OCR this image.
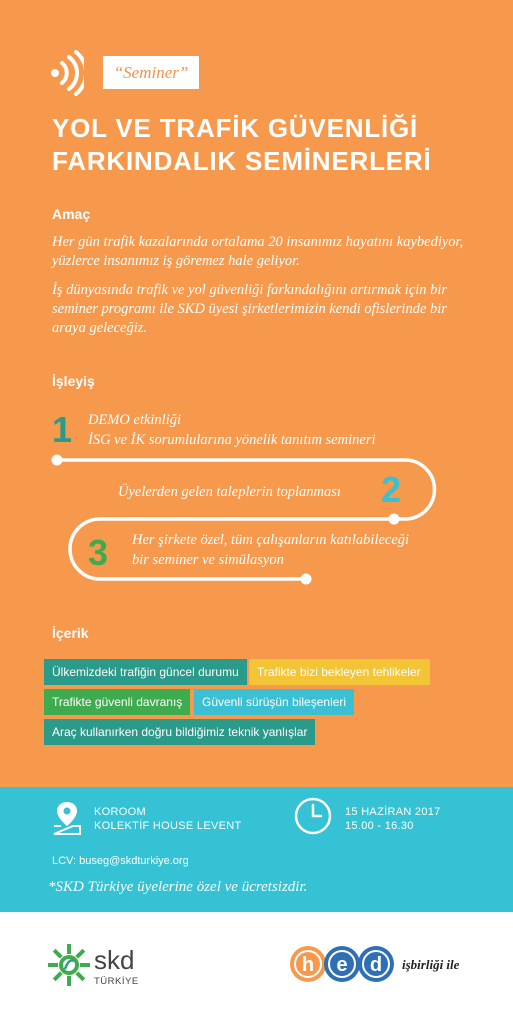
“Seminer”
YOL VE TRAFİK GÜVENLİĞİ
FARKINDALIK SEMİNERLERİ
Amaç
Her gün trafik kazalarında ortalama 20 insanımız hayatını kaybediyor, yüzlerce insanımız iş göremez hale geliyor.
İş dünyasında trafik ve yol güvenliği farkındalığını artırmak için bir seminer programı ile SKD üyesi şirketlerimizin kendi ofislerinde bir araya geleceğiz.
İşleyiş
1 DEMO etkinliği
İSG ve İK sorumlularına yönelik tanıtım semineri
Üyelerden gelen taleplerin toplanması 2
3 Her şirkete özel, tüm çalışanların katılabileceği
bir seminer ve simülasyon
İçerik
Ülkemizdeki trafiğin güncel durumu	Trafikte bizi bekleyen tehlikeler
Trafikte güvenli davranış	Güvenli sürüşün bileşenleri
Araç kullanırken doğru bildiğimiz teknik yanlışlar
KOROOM
KOLEKTİF HOUSE LEVENT
15 HAZİRAN 2017
15.00 - 16.30
LCV: buseg@skdturkiye.org
*SKD Türkiye üyelerine özel ve ücretsizdir.
skd
TÜRKİYE
h e d işbirliği ile
